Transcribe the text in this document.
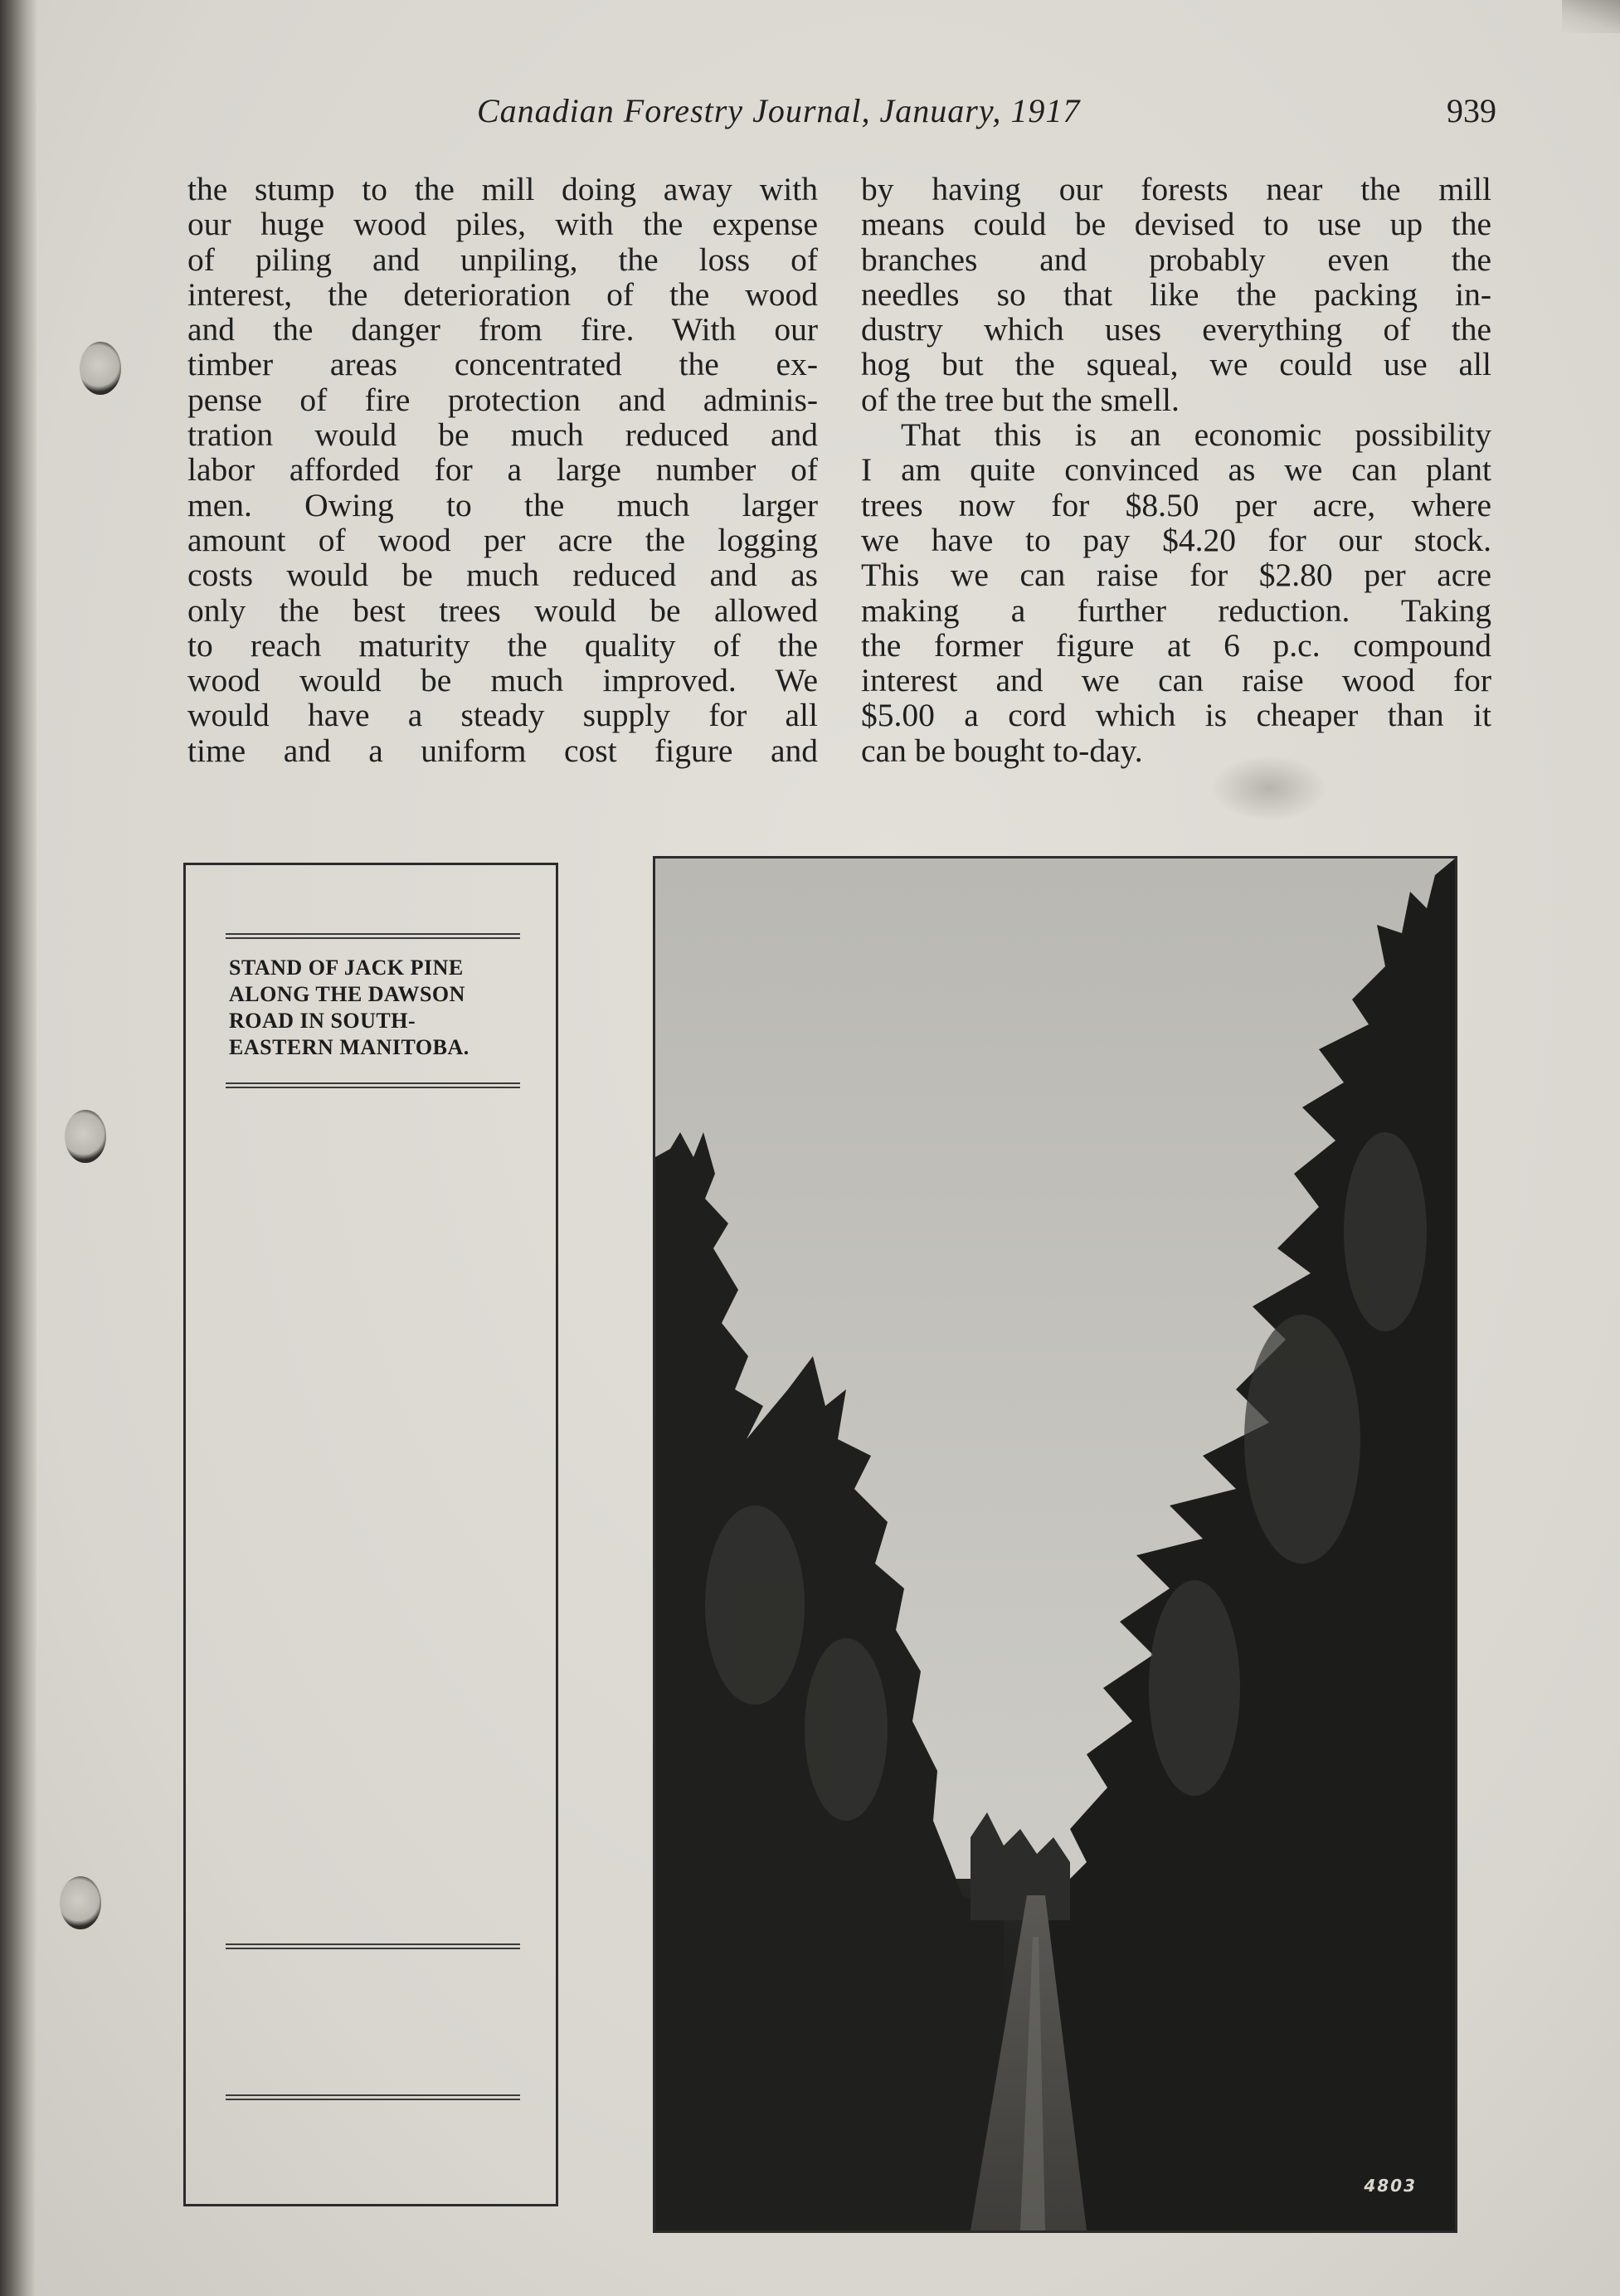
Canadian Forestry Journal, January, 1917	939
the stump to the mill doing away with
our huge wood piles, with the expense
of piling and unpiling, the loss of
interest, the deterioration of the wood
and the danger from fire. With our
timber areas concentrated the ex-
pense of fire protection and adminis-
tration would be much reduced and
labor afforded for a large number of
men. Owing to the much larger
amount of wood per acre the logging
costs would be much reduced and as
only the best trees would be allowed
to reach maturity the quality of the
wood would be much improved. We
would have a steady supply for all
time and a uniform cost figure and
by having our forests near the mill
means could be devised to use up the
branches and probably even the
needles so that like the packing in-
dustry which uses everything of the
hog but the squeal, we could use all
of the tree but the smell.
That this is an economic possibility
I am quite convinced as we can plant
trees now for $8.50 per acre, where
we have to pay $4.20 for our stock.
This we can raise for $2.80 per acre
making a further reduction. Taking
the former figure at 6 p.c. compound
interest and we can raise wood for
$5.00 a cord which is cheaper than it
can be bought to-day.
STAND OF JACK PINE
ALONG THE DAWSON
ROAD IN SOUTH-
EASTERN MANITOBA.
4803
